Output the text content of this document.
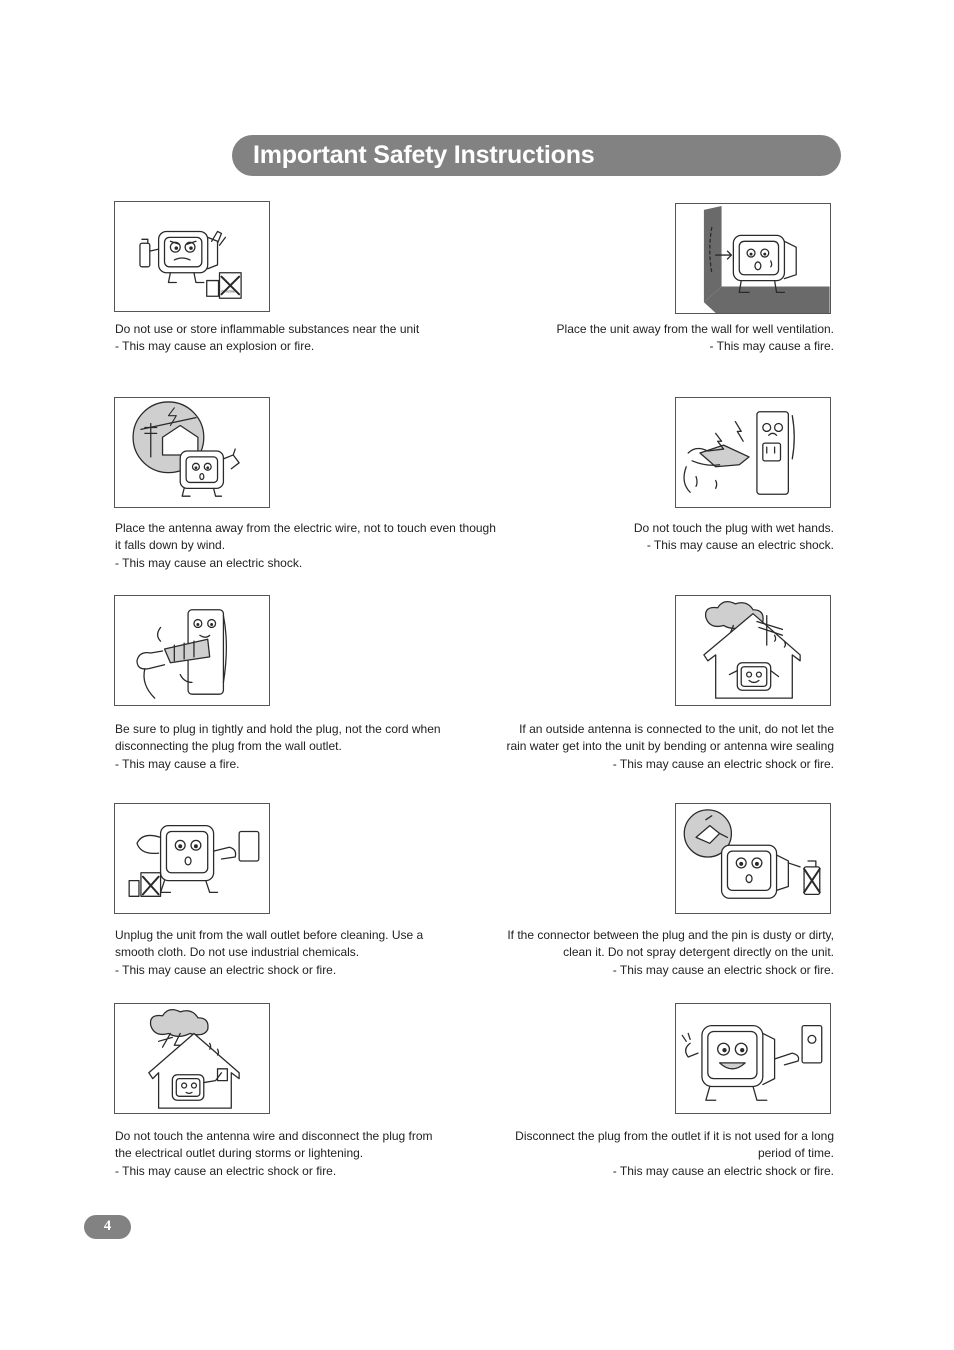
Important Safety Instructions
benzine
Do not use or store inflammable substances near the unit
- This may cause an explosion or fire.
Place the unit away from the wall for well ventilation.
- This may cause a fire.
Place the antenna away from the electric wire, not to touch even though
it falls down by wind.
- This may cause an electric shock.
Do not touch the plug with wet hands.
- This may cause an electric shock.
Be sure to plug in tightly and hold the plug, not the cord when
disconnecting the plug from the wall outlet.
- This may cause a fire.
If an outside antenna is connected to the unit, do not let the
rain water get into the unit by bending or antenna wire sealing
- This may cause an electric shock or fire.
Unplug the unit from the wall outlet before cleaning. Use a
smooth cloth. Do not use industrial chemicals.
- This may cause an electric shock or fire.
If the connector between the plug and the pin is dusty or dirty,
clean it. Do not spray detergent directly on the unit.
- This may cause an electric shock or fire.
Do not touch the antenna wire and disconnect the plug from
the electrical outlet during storms or lightening.
- This may cause an electric shock or fire.
Disconnect the plug from the outlet if it is not used for a long
period of time.
- This may cause an electric shock or fire.
4
